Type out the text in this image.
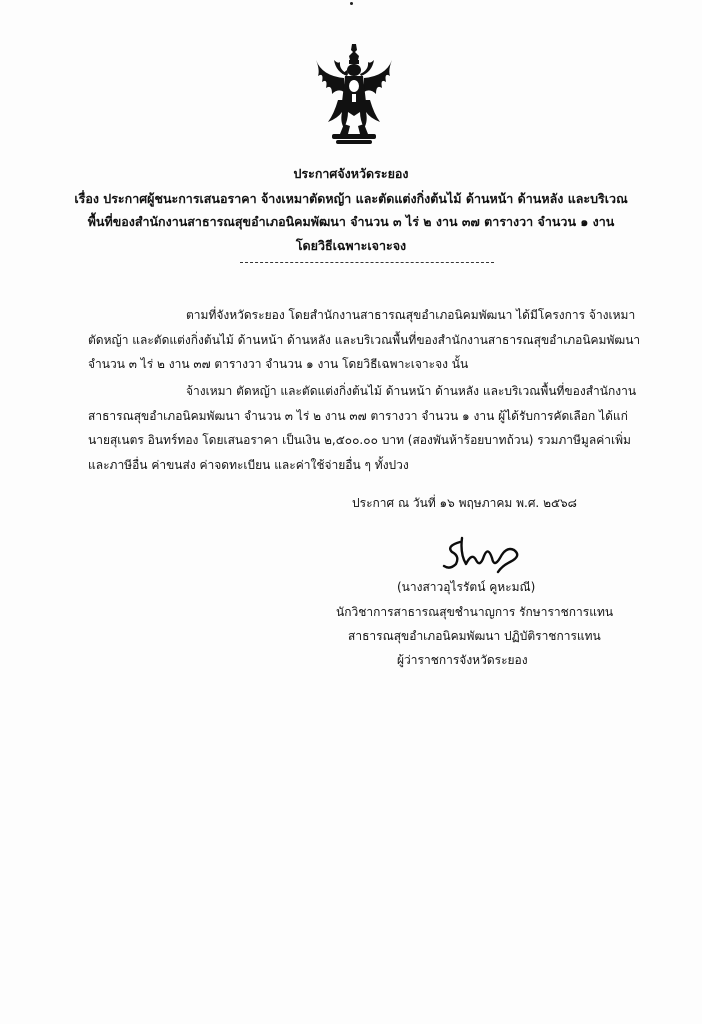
ประกาศจังหวัดระยอง
เรื่อง ประกาศผู้ชนะการเสนอราคา จ้างเหมาตัดหญ้า และตัดแต่งกิ่งต้นไม้ ด้านหน้า ด้านหลัง และบริเวณ
พื้นที่ของสำนักงานสาธารณสุขอำเภอนิคมพัฒนา จำนวน ๓ ไร่ ๒ งาน ๓๗ ตารางวา จำนวน ๑ งาน
โดยวิธีเฉพาะเจาะจง
ตามที่จังหวัดระยอง โดยสำนักงานสาธารณสุขอำเภอนิคมพัฒนา ได้มีโครงการ จ้างเหมา
ตัดหญ้า และตัดแต่งกิ่งต้นไม้ ด้านหน้า ด้านหลัง และบริเวณพื้นที่ของสำนักงานสาธารณสุขอำเภอนิคมพัฒนา
จำนวน ๓ ไร่ ๒ งาน ๓๗ ตารางวา จำนวน ๑ งาน โดยวิธีเฉพาะเจาะจง นั้น
จ้างเหมา ตัดหญ้า และตัดแต่งกิ่งต้นไม้ ด้านหน้า ด้านหลัง และบริเวณพื้นที่ของสำนักงาน
สาธารณสุขอำเภอนิคมพัฒนา จำนวน ๓ ไร่ ๒ งาน ๓๗ ตารางวา จำนวน ๑ งาน ผู้ได้รับการคัดเลือก ได้แก่
นายสุเนตร อินทร์ทอง โดยเสนอราคา เป็นเงิน ๒,๕๐๐.๐๐ บาท (สองพันห้าร้อยบาทถ้วน) รวมภาษีมูลค่าเพิ่ม
และภาษีอื่น ค่าขนส่ง ค่าจดทะเบียน และค่าใช้จ่ายอื่น ๆ ทั้งปวง
ประกาศ ณ วันที่ ๑๖ พฤษภาคม พ.ศ. ๒๕๖๘
(นางสาวอุไรรัตน์ คูหะมณี)
นักวิชาการสาธารณสุขชำนาญการ รักษาราชการแทน
สาธารณสุขอำเภอนิคมพัฒนา ปฏิบัติราชการแทน
ผู้ว่าราชการจังหวัดระยอง
